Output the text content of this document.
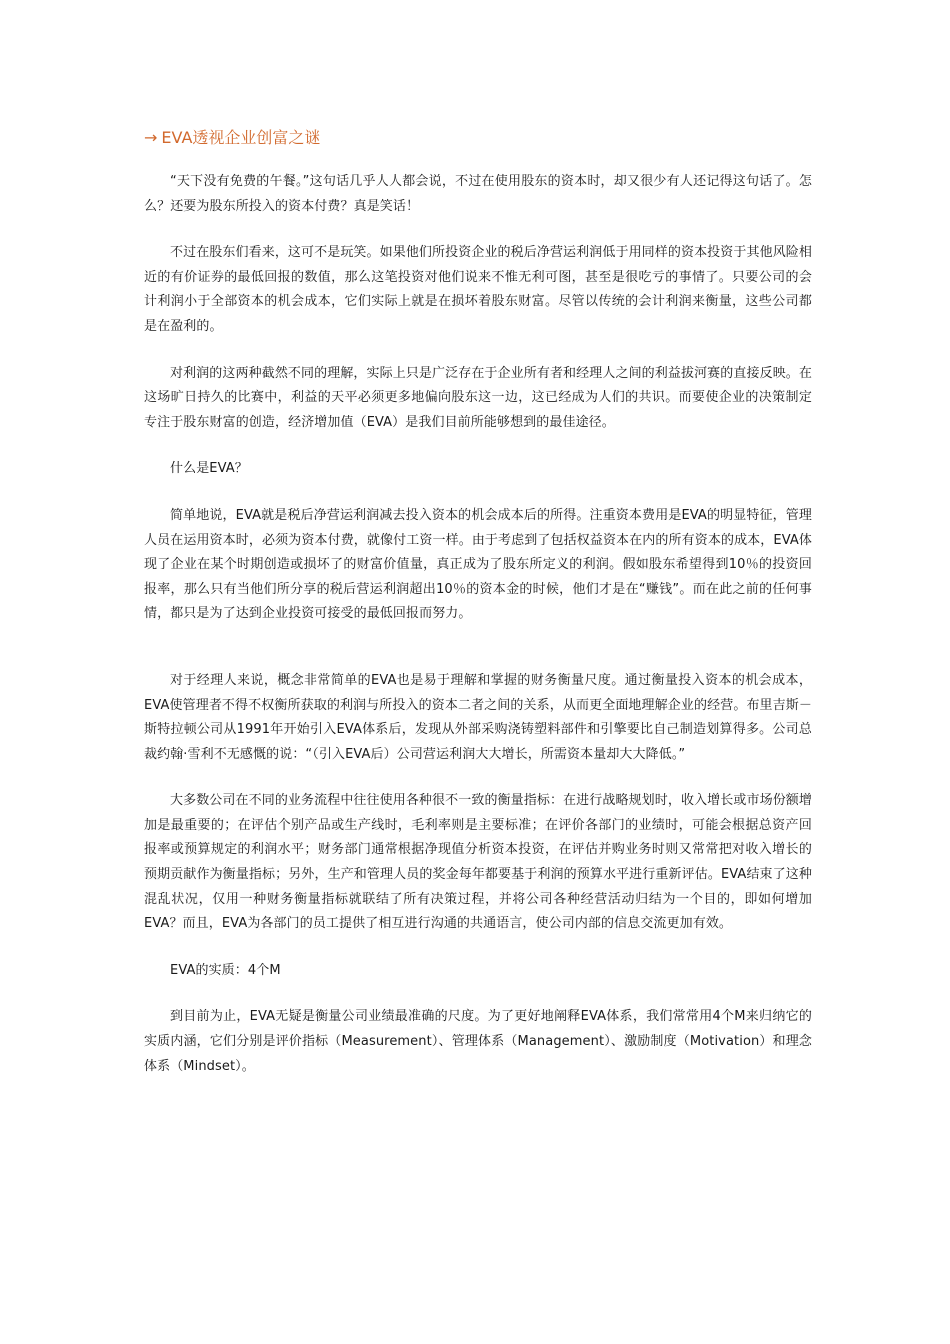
→ EVA透视企业创富之谜

“天下没有免费的午餐。”这句话几乎人人都会说，不过在使用股东的资本时，却又很少有人还记得这句话了。怎么？还要为股东所投入的资本付费？真是笑话！

不过在股东们看来，这可不是玩笑。如果他们所投资企业的税后净营运利润低于用同样的资本投资于其他风险相近的有价证券的最低回报的数值，那么这笔投资对他们说来不惟无利可图，甚至是很吃亏的事情了。只要公司的会计利润小于全部资本的机会成本，它们实际上就是在损坏着股东财富。尽管以传统的会计利润来衡量，这些公司都是在盈利的。

对利润的这两种截然不同的理解，实际上只是广泛存在于企业所有者和经理人之间的利益拔河赛的直接反映。在这场旷日持久的比赛中，利益的天平必须更多地偏向股东这一边，这已经成为人们的共识。而要使企业的决策制定专注于股东财富的创造，经济增加值（EVA）是我们目前所能够想到的最佳途径。

什么是EVA？

简单地说，EVA就是税后净营运利润减去投入资本的机会成本后的所得。注重资本费用是EVA的明显特征，管理人员在运用资本时，必须为资本付费，就像付工资一样。由于考虑到了包括权益资本在内的所有资本的成本，EVA体现了企业在某个时期创造或损坏了的财富价值量，真正成为了股东所定义的利润。假如股东希望得到10％的投资回报率，那么只有当他们所分享的税后营运利润超出10％的资本金的时候，他们才是在“赚钱”。而在此之前的任何事情，都只是为了达到企业投资可接受的最低回报而努力。

对于经理人来说，概念非常简单的EVA也是易于理解和掌握的财务衡量尺度。通过衡量投入资本的机会成本，EVA使管理者不得不权衡所获取的利润与所投入的资本二者之间的关系，从而更全面地理解企业的经营。布里吉斯－斯特拉顿公司从1991年开始引入EVA体系后，发现从外部采购浇铸塑料部件和引擎要比自己制造划算得多。公司总裁约翰·雪利不无感慨的说：“（引入EVA后）公司营运利润大大增长，所需资本量却大大降低。”

大多数公司在不同的业务流程中往往使用各种很不一致的衡量指标：在进行战略规划时，收入增长或市场份额增加是最重要的；在评估个别产品或生产线时，毛利率则是主要标准；在评价各部门的业绩时，可能会根据总资产回报率或预算规定的利润水平；财务部门通常根据净现值分析资本投资，在评估并购业务时则又常常把对收入增长的预期贡献作为衡量指标；另外，生产和管理人员的奖金每年都要基于利润的预算水平进行重新评估。EVA结束了这种混乱状况，仅用一种财务衡量指标就联结了所有决策过程，并将公司各种经营活动归结为一个目的，即如何增加EVA？而且，EVA为各部门的员工提供了相互进行沟通的共通语言，使公司内部的信息交流更加有效。

EVA的实质：4个M

到目前为止，EVA无疑是衡量公司业绩最准确的尺度。为了更好地阐释EVA体系，我们常常用4个M来归纳它的实质内涵，它们分别是评价指标（Measurement）、管理体系（Management）、激励制度（Motivation）和理念体系（Mindset）。
